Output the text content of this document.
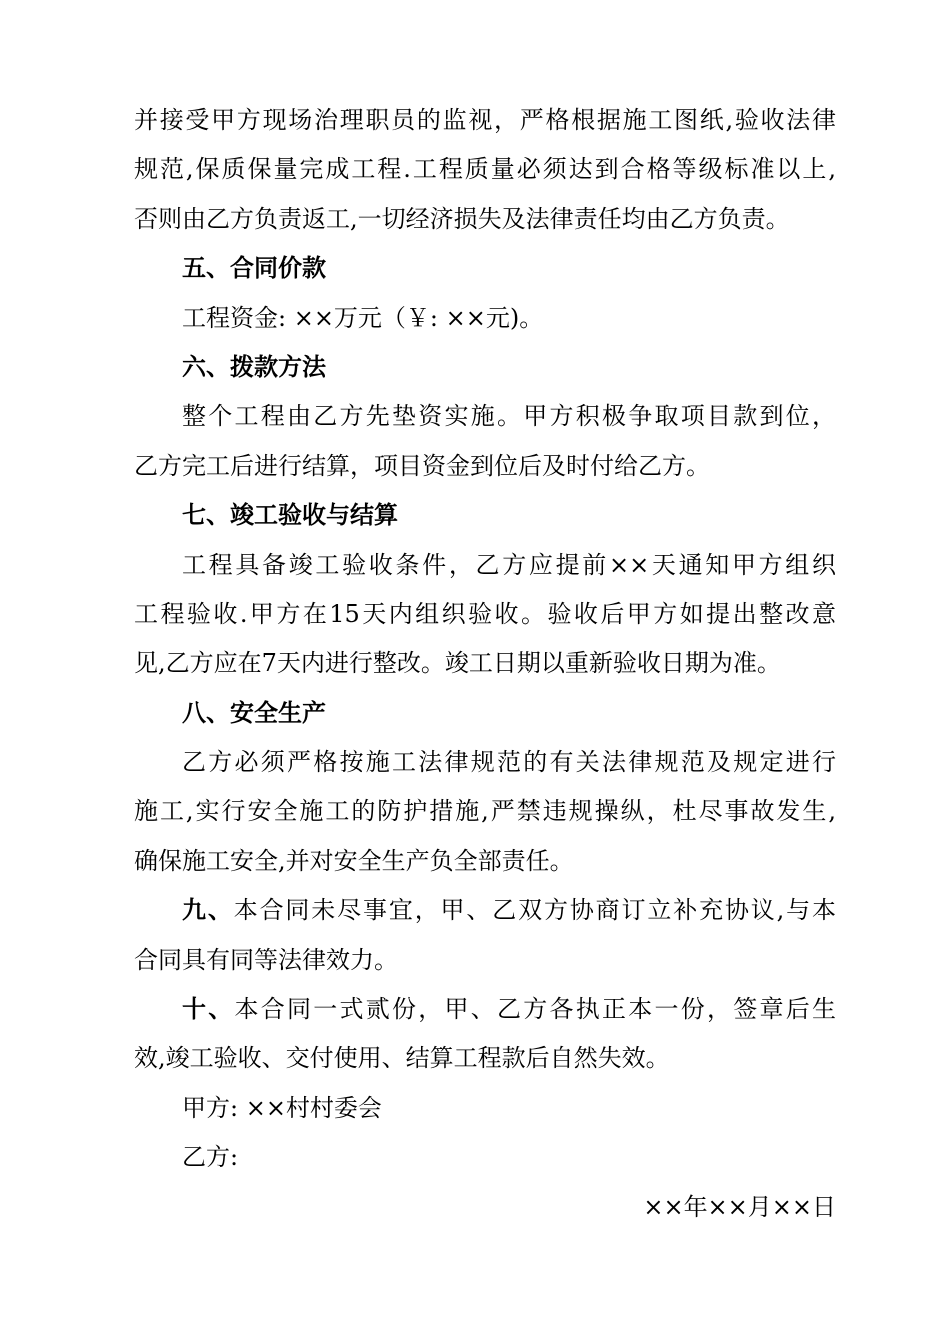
并接受甲方现场治理职员的监视，严格根据施工图纸,验收法律
规范,保质保量完成工程.工程质量必须达到合格等级标准以上,
否则由乙方负责返工,一切经济损失及法律责任均由乙方负责。
五、合同价款
工程资金: ××万元（￥: ××元)。
六、拨款方法
整个工程由乙方先垫资实施。甲方积极争取项目款到位，
乙方完工后进行结算，项目资金到位后及时付给乙方。
七、竣工验收与结算
工程具备竣工验收条件，乙方应提前××天通知甲方组织
工程验收.甲方在15天内组织验收。验收后甲方如提出整改意
见,乙方应在7天内进行整改。竣工日期以重新验收日期为准。
八、安全生产
乙方必须严格按施工法律规范的有关法律规范及规定进行
施工,实行安全施工的防护措施,严禁违规操纵，杜尽事故发生,
确保施工安全,并对安全生产负全部责任。
九、本合同未尽事宜，甲、乙双方协商订立补充协议,与本
合同具有同等法律效力。
十、本合同一式贰份，甲、乙方各执正本一份，签章后生
效,竣工验收、交付使用、结算工程款后自然失效。
甲方: ××村村委会
乙方:
××年××月××日
